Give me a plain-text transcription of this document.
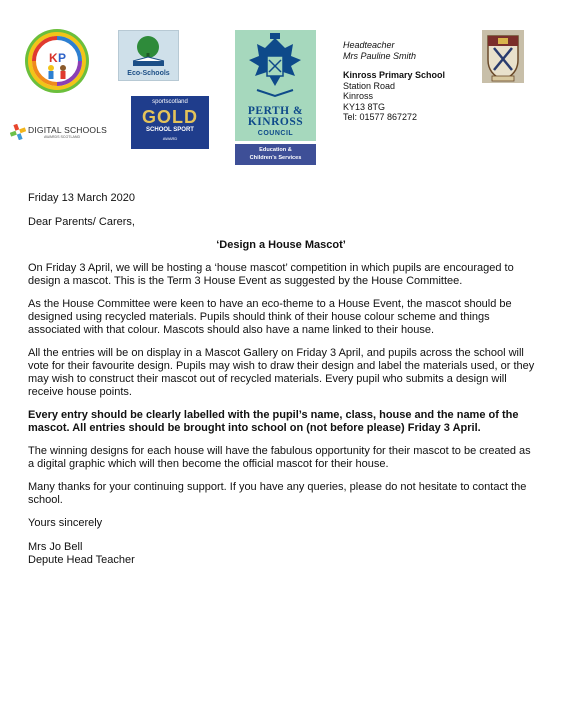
K P
Eco-Schools
DIGITAL SCHOOLS
AWARDS SCOTLAND
sportscotland
GOLD
SCHOOL SPORT
AWARD
PERTH &
KINROSS
COUNCIL
Education &
Children's Services
Headteacher
Mrs Pauline Smith
Kinross Primary School
Station Road
Kinross
KY13 8TG
Tel: 01577 867272

Friday 13 March 2020

Dear Parents/ Carers,

‘Design a House Mascot’

On Friday 3 April, we will be hosting a ‘house mascot’ competition in which pupils are encouraged to design a mascot. This is the Term 3 House Event as suggested by the House Committee.

As the House Committee were keen to have an eco-theme to a House Event, the mascot should be designed using recycled materials. Pupils should think of their house colour scheme and things associated with that colour. Mascots should also have a name linked to their house.

All the entries will be on display in a Mascot Gallery on Friday 3 April, and pupils across the school will vote for their favourite design. Pupils may wish to draw their design and label the materials used, or they may wish to construct their mascot out of recycled materials. Every pupil who submits a design will receive house points.

Every entry should be clearly labelled with the pupil’s name, class, house and the name of the mascot. All entries should be brought into school on (not before please) Friday 3 April.

The winning designs for each house will have the fabulous opportunity for their mascot to be created as a digital graphic which will then become the official mascot for their house.

Many thanks for your continuing support. If you have any queries, please do not hesitate to contact the school.

Yours sincerely

Mrs Jo Bell

Depute Head Teacher
